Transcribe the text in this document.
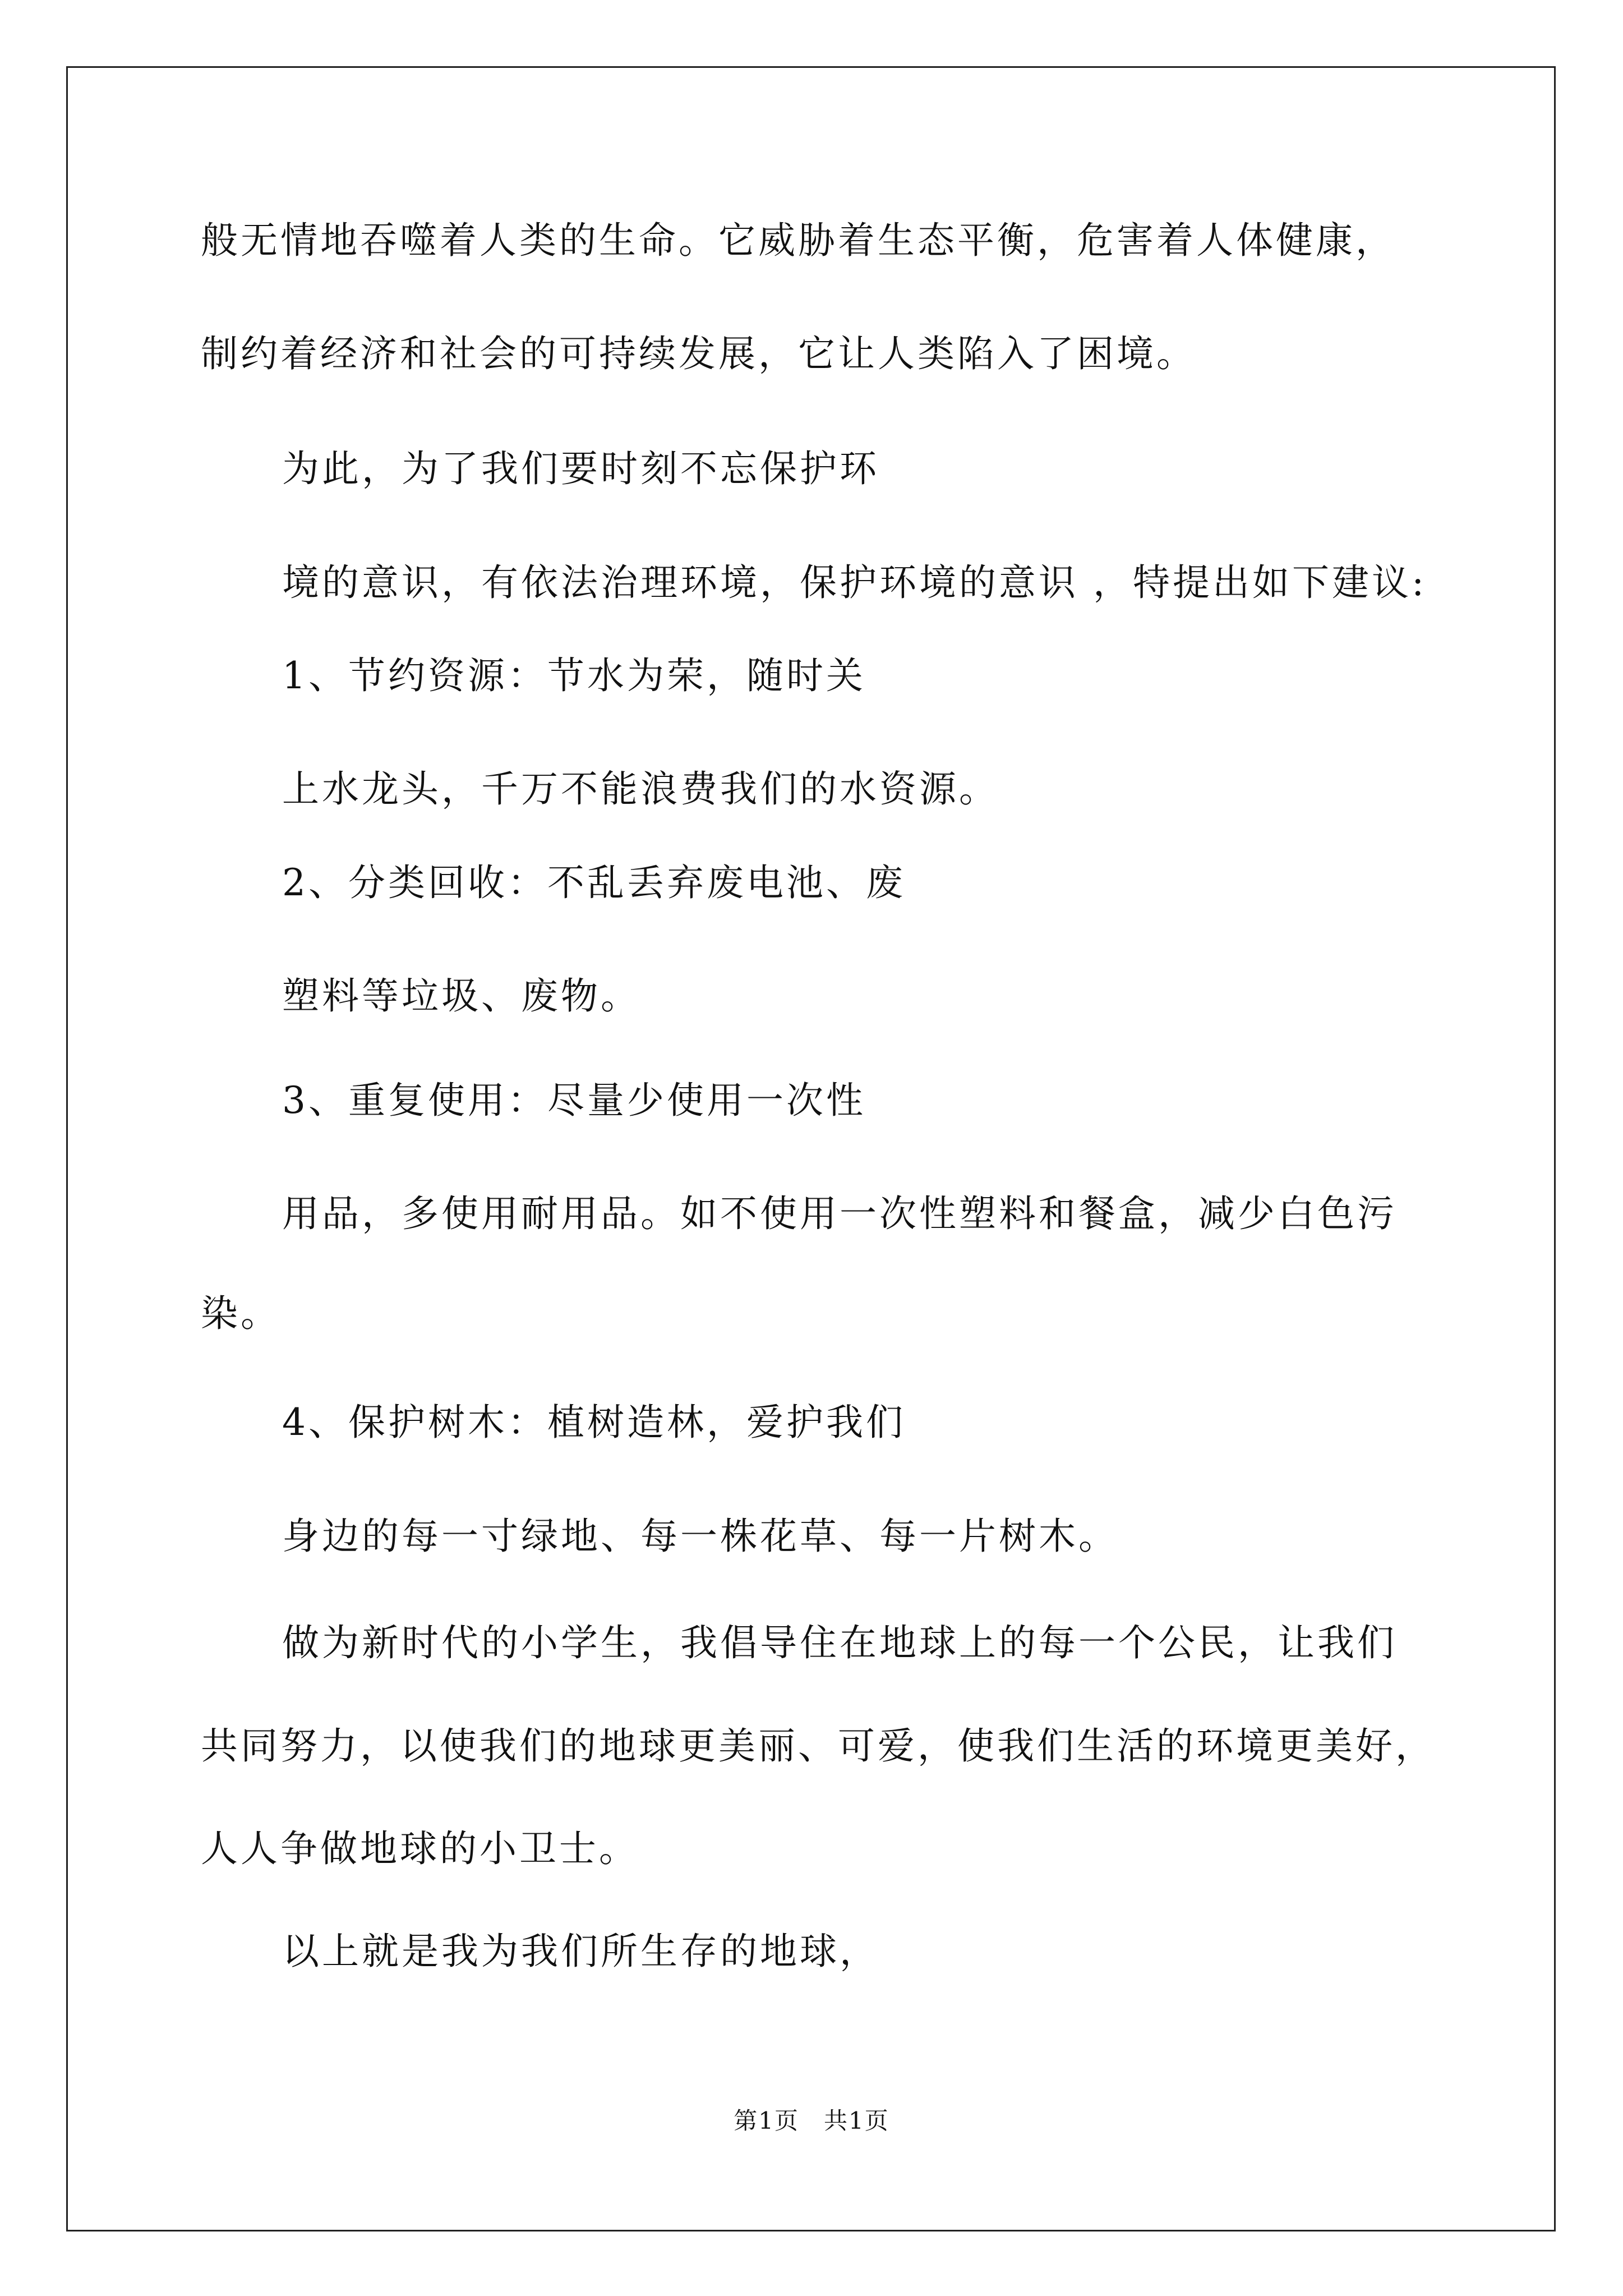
般无情地吞噬着人类的生命。它威胁着生态平衡，危害着人体健康，

制约着经济和社会的可持续发展，它让人类陷入了困境。

为此，为了我们要时刻不忘保护环

境的意识，有依法治理环境，保护环境的意识 ，特提出如下建议:

1、节约资源：节水为荣，随时关

上水龙头，千万不能浪费我们的水资源。

2、分类回收：不乱丢弃废电池、废

塑料等垃圾、废物。

3、重复使用：尽量少使用一次性

用品，多使用耐用品。如不使用一次性塑料和餐盒，减少白色污

染。

4、保护树木：植树造林，爱护我们

身边的每一寸绿地、每一株花草、每一片树木。

做为新时代的小学生，我倡导住在地球上的每一个公民，让我们

共同努力，以使我们的地球更美丽、可爱，使我们生活的环境更美好，

人人争做地球的小卫士。

以上就是我为我们所生存的地球，

第1页　共1页
